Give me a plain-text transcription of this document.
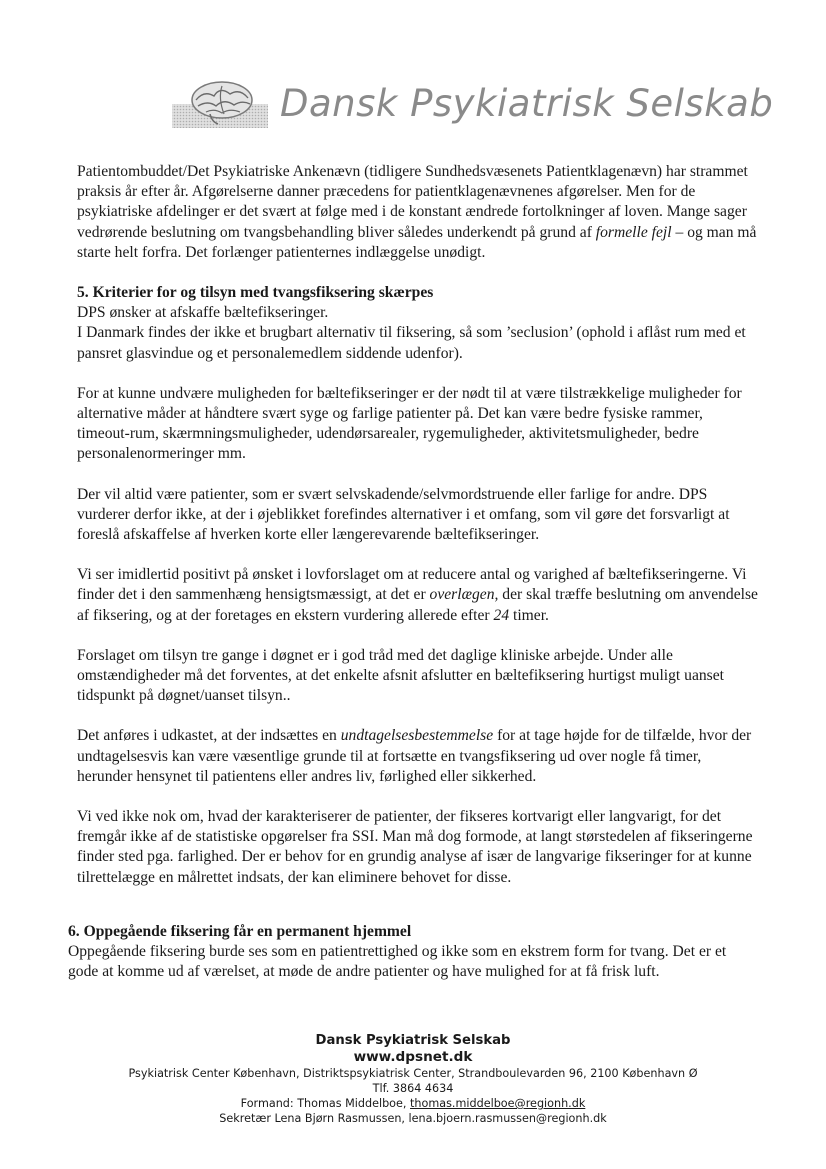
Dansk Psykiatrisk Selskab

Patientombuddet/Det Psykiatriske Ankenævn (tidligere Sundhedsvæsenets Patientklagenævn) har strammet praksis år efter år. Afgørelserne danner præcedens for patientklagenævnenes afgørelser. Men for de psykiatriske afdelinger er det svært at følge med i de konstant ændrede fortolkninger af loven. Mange sager vedrørende beslutning om tvangsbehandling bliver således underkendt på grund af formelle fejl – og man må starte helt forfra. Det forlænger patienternes indlæggelse unødigt.

5. Kriterier for og tilsyn med tvangsfiksering skærpes
DPS ønsker at afskaffe bæltefikseringer.
I Danmark findes der ikke et brugbart alternativ til fiksering, så som ’seclusion’ (ophold i aflåst rum med et pansret glasvindue og et personalemedlem siddende udenfor).

For at kunne undvære muligheden for bæltefikseringer er der nødt til at være tilstrækkelige muligheder for alternative måder at håndtere svært syge og farlige patienter på. Det kan være bedre fysiske rammer, timeout-rum, skærmningsmuligheder, udendørsarealer, rygemuligheder, aktivitetsmuligheder, bedre personalenormeringer mm.

Der vil altid være patienter, som er svært selvskadende/selvmordstruende eller farlige for andre. DPS vurderer derfor ikke, at der i øjeblikket forefindes alternativer i et omfang, som vil gøre det forsvarligt at foreslå afskaffelse af hverken korte eller længerevarende bæltefikseringer.

Vi ser imidlertid positivt på ønsket i lovforslaget om at reducere antal og varighed af bæltefikseringerne. Vi finder det i den sammenhæng hensigtsmæssigt, at det er overlægen, der skal træffe beslutning om anvendelse af fiksering, og at der foretages en ekstern vurdering allerede efter 24 timer.

Forslaget om tilsyn tre gange i døgnet er i god tråd med det daglige kliniske arbejde. Under alle omstændigheder må det forventes, at det enkelte afsnit afslutter en bæltefiksering hurtigst muligt uanset tidspunkt på døgnet/uanset tilsyn..

Det anføres i udkastet, at der indsættes en undtagelsesbestemmelse for at tage højde for de tilfælde, hvor der undtagelsesvis kan være væsentlige grunde til at fortsætte en tvangsfiksering ud over nogle få timer, herunder hensynet til patientens eller andres liv, førlighed eller sikkerhed.

Vi ved ikke nok om, hvad der karakteriserer de patienter, der fikseres kortvarigt eller langvarigt, for det fremgår ikke af de statistiske opgørelser fra SSI. Man må dog formode, at langt størstedelen af fikseringerne finder sted pga. farlighed. Der er behov for en grundig analyse af især de langvarige fikseringer for at kunne tilrettelægge en målrettet indsats, der kan eliminere behovet for disse.

6. Oppegående fiksering får en permanent hjemmel
Oppegående fiksering burde ses som en patientrettighed og ikke som en ekstrem form for tvang. Det er et gode at komme ud af værelset, at møde de andre patienter og have mulighed for at få frisk luft.
Dansk Psykiatrisk Selskab
www.dpsnet.dk
Psykiatrisk Center København, Distriktspsykiatrisk Center, Strandboulevarden 96, 2100 København Ø
Tlf. 3864 4634
Formand: Thomas Middelboe, thomas.middelboe@regionh.dk
Sekretær Lena Bjørn Rasmussen, lena.bjoern.rasmussen@regionh.dk
